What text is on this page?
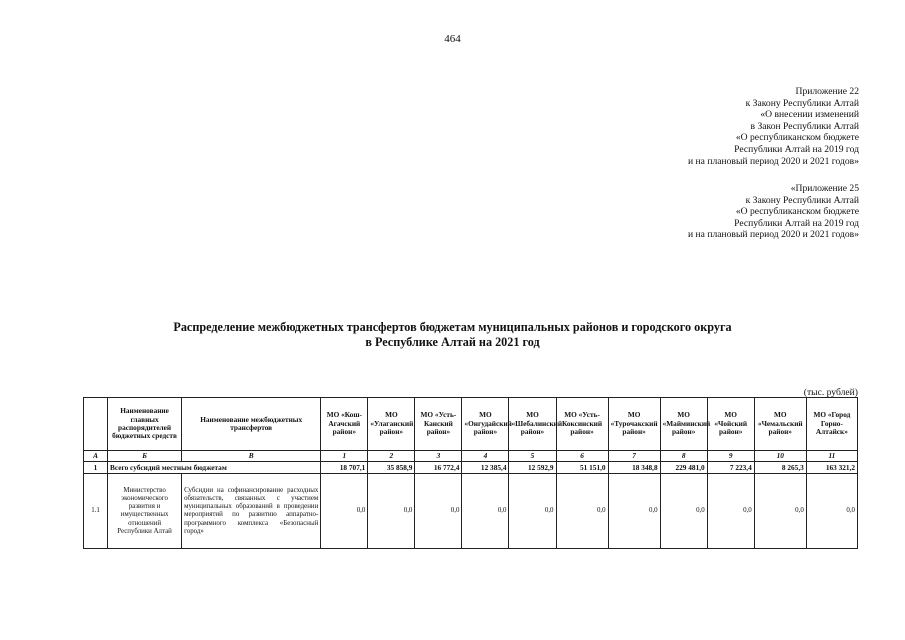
464
Приложение 22
к Закону Республики Алтай
«О внесении изменений
в Закон Республики Алтай
«О республиканском бюджете
Республики Алтай на 2019 год
и на плановый период 2020 и 2021 годов»
«Приложение 25
к Закону Республики Алтай
«О республиканском бюджете
Республики Алтай на 2019 год
и на плановый период 2020 и 2021 годов»
Распределение межбюджетных трансфертов бюджетам муниципальных районов и городского округа
в Республике Алтай на 2021 год
(тыс. рублей)
	Наименование главных распорядителей бюджетных средств	Наименование межбюджетных трансфертов	МО «Кош-Агачский район»	МО «Улаганский район»	МО «Усть-Канский район»	МО «Онгудайский район»	МО «Шебалинский район»	МО «Усть-Коксинский район»	МО «Турочакский район»	МО «Майминский район»	МО «Чойский район»	МО «Чемальский район»	МО «Город Горно-Алтайск»
А	Б	В	1	2	3	4	5	6	7	8	9	10	11
1	Всего субсидий местным бюджетам		18 707,1	35 858,9	16 772,4	12 385,4	12 592,9	51 151,0	18 348,8	229 481,0	7 223,4	8 265,3	163 321,2
1.1	Министерство экономического развития и имущественных отношений Республики Алтай	Субсидии на софинансирование расходных обязательств, связанных с участием муниципальных образований в проведении мероприятий по развитию аппаратно-программного комплекса «Безопасный город»	0,0	0,0	0,0	0,0	0,0	0,0	0,0	0,0	0,0	0,0	0,0
